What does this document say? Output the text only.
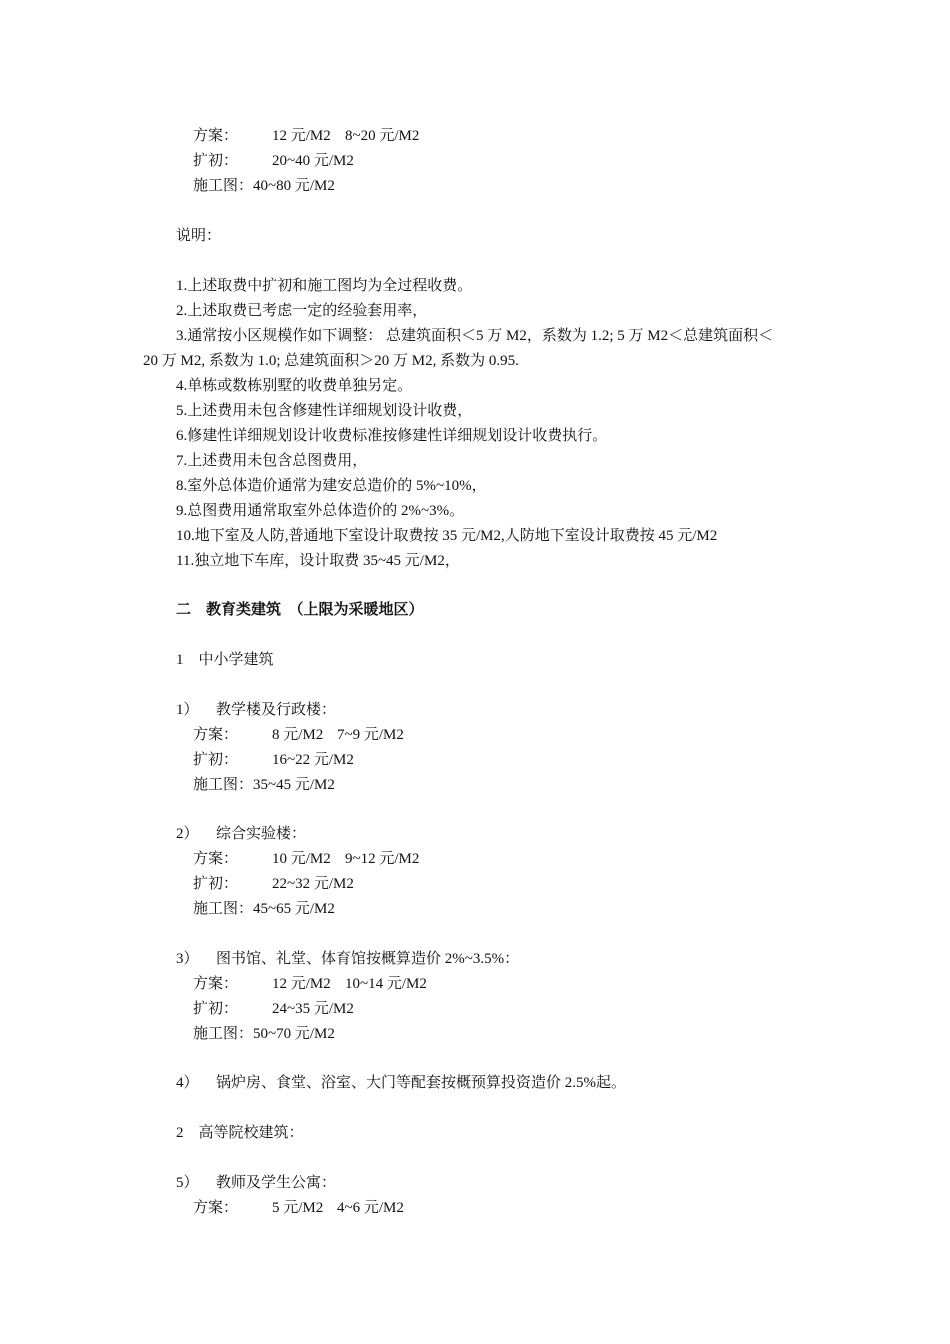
方案： 12 元/M2 8~20 元/M2
扩初： 20~40 元/M2
施工图：40~80 元/M2
说明：
1.上述取费中扩初和施工图均为全过程收费。
2.上述取费已考虑一定的经验套用率，
3.通常按小区规模作如下调整： 总建筑面积＜5 万 M2，系数为 1.2; 5 万 M2＜总建筑面积＜
20 万 M2, 系数为 1.0; 总建筑面积＞20 万 M2, 系数为 0.95.
4.单栋或数栋别墅的收费单独另定。
5.上述费用未包含修建性详细规划设计收费，
6.修建性详细规划设计收费标准按修建性详细规划设计收费执行。
7.上述费用未包含总图费用，
8.室外总体造价通常为建安总造价的 5%~10%，
9.总图费用通常取室外总体造价的 2%~3%。
10.地下室及人防,普通地下室设计取费按 35 元/M2,人防地下室设计取费按 45 元/M2
11.独立地下车库，设计取费 35~45 元/M2，
二　教育类建筑　（上限为采暖地区）
1　中小学建筑
1） 教学楼及行政楼：
方案： 8 元/M2 7~9 元/M2
扩初： 16~22 元/M2
施工图：35~45 元/M2
2） 综合实验楼：
方案： 10 元/M2 9~12 元/M2
扩初： 22~32 元/M2
施工图：45~65 元/M2
3） 图书馆、礼堂、体育馆按概算造价 2%~3.5%：
方案： 12 元/M2 10~14 元/M2
扩初： 24~35 元/M2
施工图：50~70 元/M2
4） 锅炉房、食堂、浴室、大门等配套按概预算投资造价 2.5%起。
2　高等院校建筑：
5） 教师及学生公寓：
方案： 5 元/M2 4~6 元/M2
